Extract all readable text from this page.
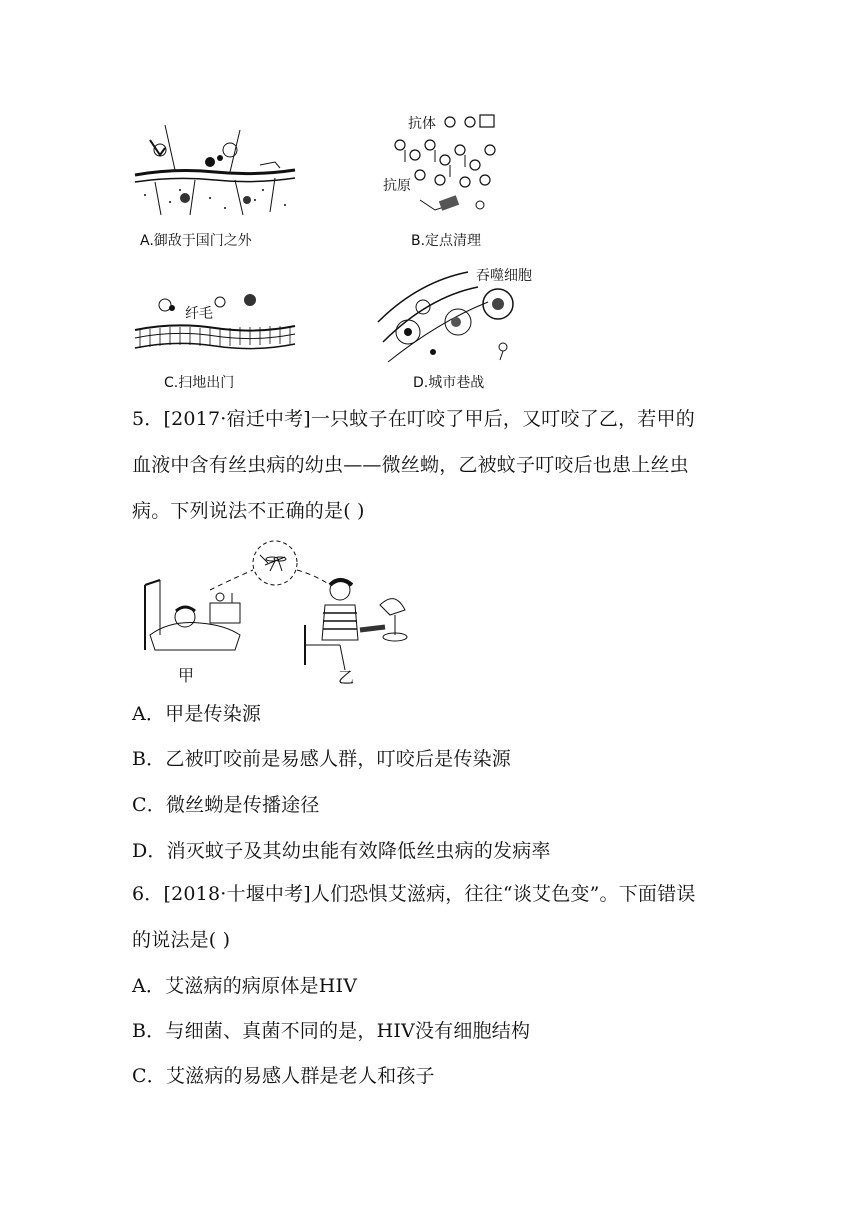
A.御敌于国门之外
抗体
抗原
B.定点清理
纤毛
C.扫地出门
吞噬细胞
D.城市巷战
5．[2017·宿迁中考]一只蚊子在叮咬了甲后，又叮咬了乙，若甲的
血液中含有丝虫病的幼虫——微丝蚴，乙被蚊子叮咬后也患上丝虫
病。下列说法不正确的是( )
甲	乙
A．甲是传染源
B．乙被叮咬前是易感人群，叮咬后是传染源
C．微丝蚴是传播途径
D．消灭蚊子及其幼虫能有效降低丝虫病的发病率
6．[2018·十堰中考]人们恐惧艾滋病，往往“谈艾色变”。下面错误
的说法是( )
A．艾滋病的病原体是HIV
B．与细菌、真菌不同的是，HIV没有细胞结构
C．艾滋病的易感人群是老人和孩子
